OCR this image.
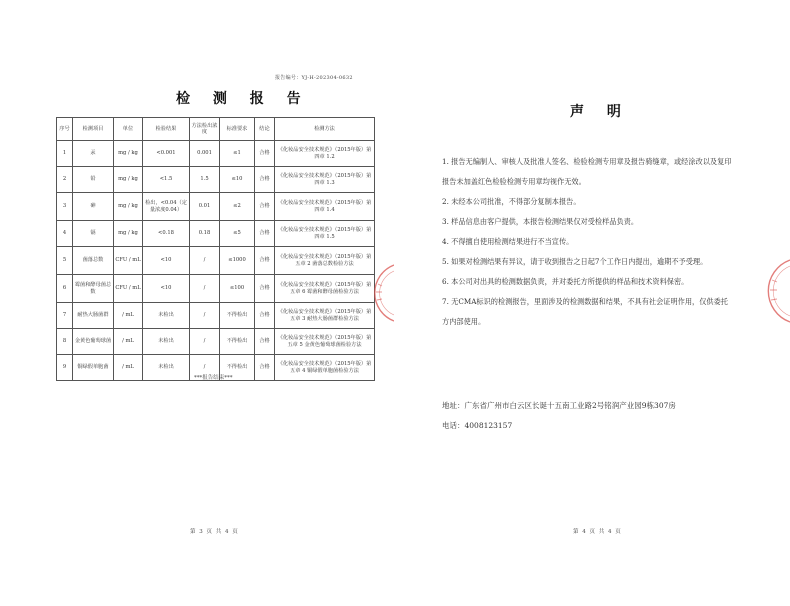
报告编号：YJ-H-202304-0632
检 测 报 告
序号	检测项目	单位	检验结果	方法检出浓度	标准要求	结论	检测方法
1	汞	mg / kg	<0.001	0.001	≤1	合格	《化妆品安全技术规范》（2015年版）第四章 1.2
2	铅	mg / kg	<1.5	1.5	≤10	合格	《化妆品安全技术规范》（2015年版）第四章 1.3
3	砷	mg / kg	检出，<0.04（定量浓度0.04）	0.01	≤2	合格	《化妆品安全技术规范》（2015年版）第四章 1.4
4	镉	mg / kg	<0.18	0.18	≤5	合格	《化妆品安全技术规范》（2015年版）第四章 1.5
5	菌落总数	CFU / mL	<10	/	≤1000	合格	《化妆品安全技术规范》（2015年版）第五章 2 菌落总数检验方法
6	霉菌和酵母菌总数	CFU / mL	<10	/	≤100	合格	《化妆品安全技术规范》（2015年版）第五章 6 霉菌和酵母菌检验方法
7	耐热大肠菌群	/ mL	未检出	/	不得检出	合格	《化妆品安全技术规范》（2015年版）第五章 3 耐热大肠菌群检验方法
8	金黄色葡萄球菌	/ mL	未检出	/	不得检出	合格	《化妆品安全技术规范》（2015年版）第五章 5 金黄色葡萄球菌检验方法
9	铜绿假单胞菌	/ mL	未检出	/	不得检出	合格	《化妆品安全技术规范》（2015年版）第五章 4 铜绿假单胞菌检验方法
***报告结束***
第 3 页 共 4 页
声 明

1. 报告无编制人、审核人及批准人签名、检验检测专用章及报告骑缝章，或经涂改以及复印报告未加盖红色检验检测专用章均视作无效。

2. 未经本公司批准，不得部分复制本报告。

3. 样品信息由客户提供，本报告检测结果仅对受检样品负责。

4. 不得擅自使用检测结果进行不当宣传。

5. 如果对检测结果有异议，请于收到报告之日起7个工作日内提出，逾期不予受理。

6. 本公司对出具的检测数据负责，并对委托方所提供的样品和技术资料保密。

7. 无CMA标识的检测报告，里面涉及的检测数据和结果，不具有社会证明作用，仅供委托方内部使用。

地址：广东省广州市白云区长诞十五南工业路2号铭润产业园9栋307房
电话：4008123157
第 4 页 共 4 页
